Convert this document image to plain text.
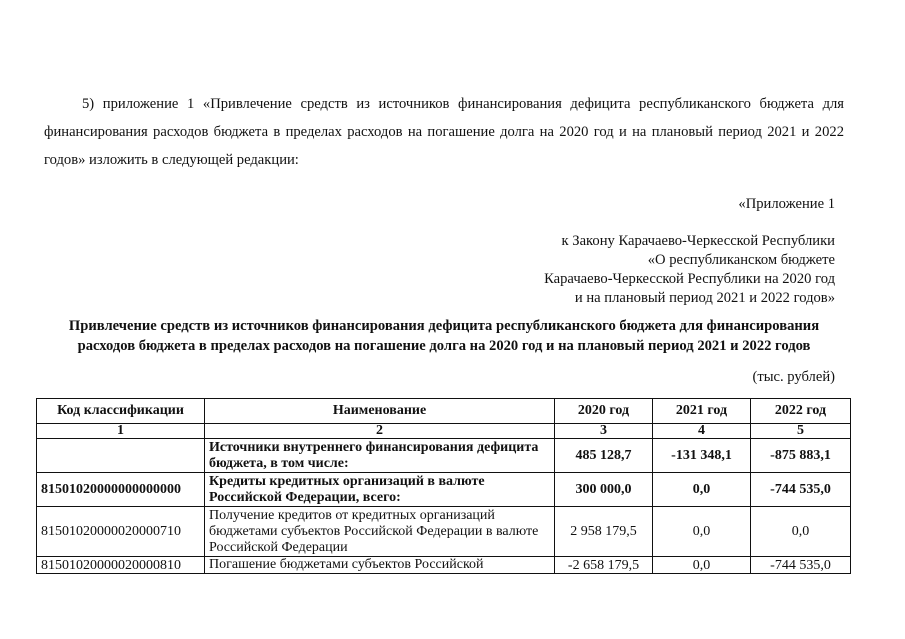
5) приложение 1 «Привлечение средств из источников финансирования дефицита республиканского бюджета для финансирования расходов бюджета в пределах расходов на погашение долга на 2020 год и на плановый период 2021 и 2022 годов» изложить в следующей редакции:
«Приложение 1
к Закону Карачаево-Черкесской Республики
«О республиканском бюджете
Карачаево-Черкесской Республики на 2020 год
и на плановый период 2021 и 2022 годов»
Привлечение средств из источников финансирования дефицита республиканского бюджета для финансирования
расходов бюджета в пределах расходов на погашение долга на 2020 год и на плановый период 2021 и 2022 годов
(тыс. рублей)
Код классификации	Наименование	2020 год	2021 год	2022 год
1	2	3	4	5
	Источники внутреннего финансирования дефицита бюджета, в том числе:	485 128,7	-131 348,1	-875 883,1
81501020000000000000	Кредиты кредитных организаций в валюте Российской Федерации, всего:	300 000,0	0,0	-744 535,0
81501020000020000710	Получение кредитов от кредитных организаций бюджетами субъектов Российской Федерации в валюте Российской Федерации	2 958 179,5	0,0	0,0
81501020000020000810	Погашение бюджетами субъектов Российской	-2 658 179,5	0,0	-744 535,0
